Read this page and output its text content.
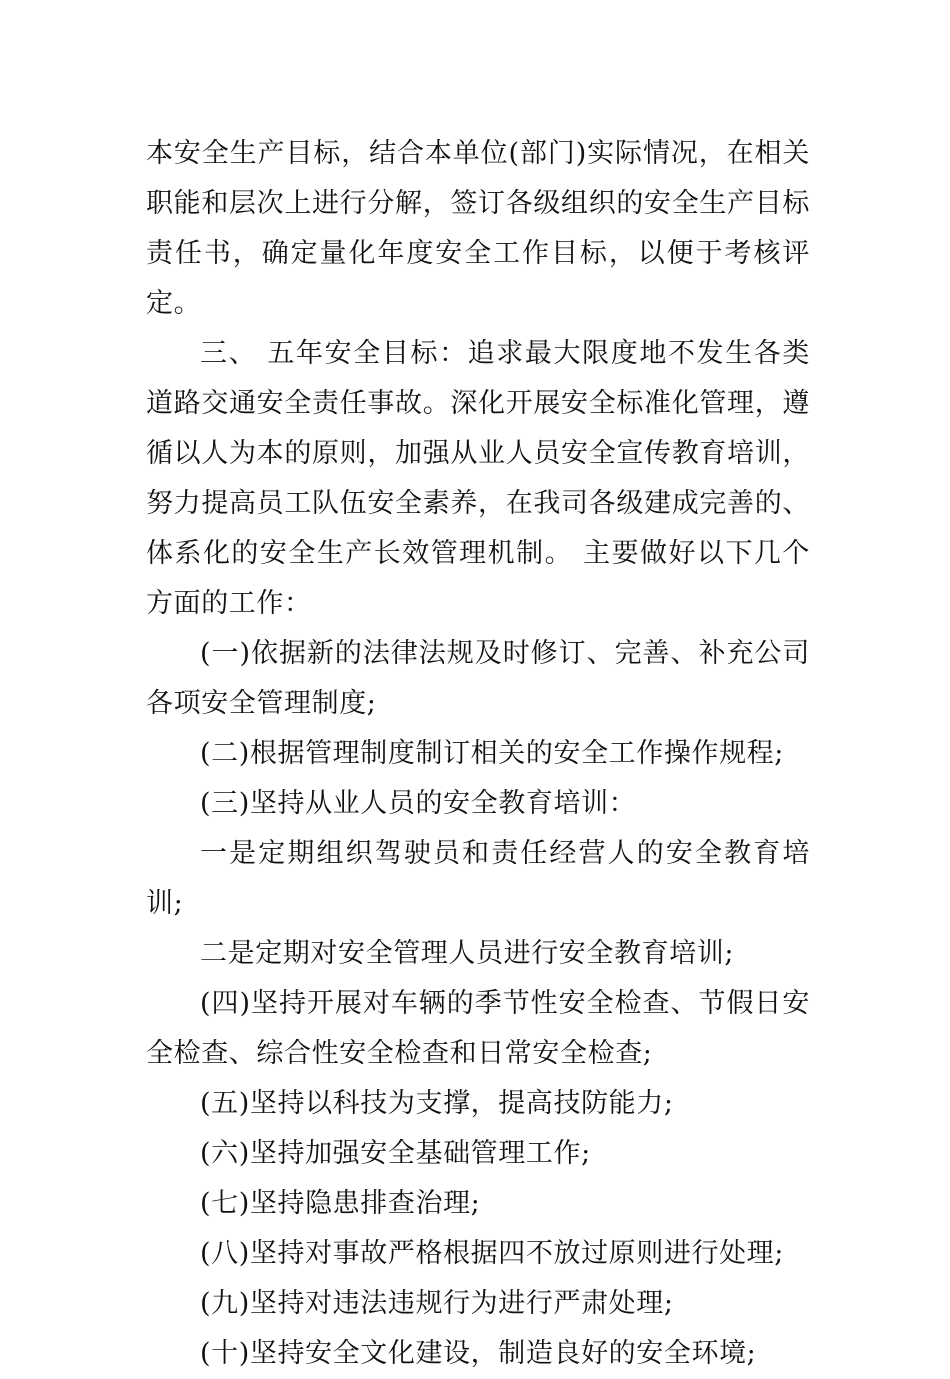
本安全生产目标，结合本单位(部门)实际情况，在相关职能和层次上进行分解，签订各级组织的安全生产目标责任书，确定量化年度安全工作目标，以便于考核评定。

三、 五年安全目标：追求最大限度地不发生各类道路交通安全责任事故。深化开展安全标准化管理，遵循以人为本的原则，加强从业人员安全宣传教育培训，努力提高员工队伍安全素养，在我司各级建成完善的、体系化的安全生产长效管理机制。 主要做好以下几个方面的工作：

(一)依据新的法律法规及时修订、完善、补充公司各项安全管理制度;

(二)根据管理制度制订相关的安全工作操作规程;

(三)坚持从业人员的安全教育培训：

一是定期组织驾驶员和责任经营人的安全教育培训;

二是定期对安全管理人员进行安全教育培训;

(四)坚持开展对车辆的季节性安全检查、节假日安全检查、综合性安全检查和日常安全检查;

(五)坚持以科技为支撑，提高技防能力;

(六)坚持加强安全基础管理工作;

(七)坚持隐患排查治理;

(八)坚持对事故严格根据四不放过原则进行处理;

(九)坚持对违法违规行为进行严肃处理;

(十)坚持安全文化建设，制造良好的安全环境;
